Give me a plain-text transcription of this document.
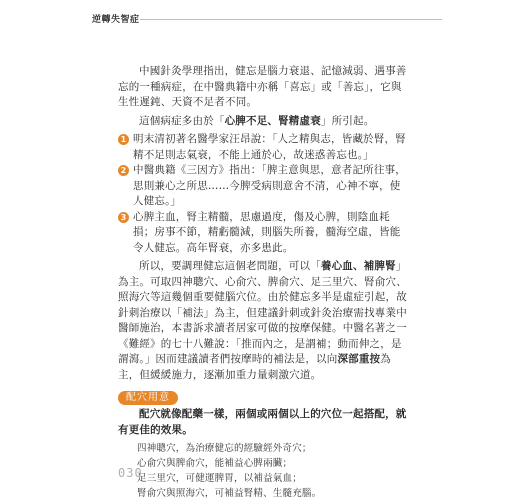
逆轉失智症

中國針灸學理指出，健忘是腦力衰退、記憶減弱、遇事善忘的一種病症，在中醫典籍中亦稱「喜忘」或「善忘」，它與生性遲鈍、天資不足者不同。

這個病症多由於「心脾不足、腎精虛衰」所引起。

1 明末清初著名醫學家汪昂說：「人之精與志，皆藏於腎，腎精不足則志氣衰，不能上通於心，故迷惑善忘也。」
2 中醫典籍《三因方》指出：「脾主意與思，意者記所往事，思則兼心之所思……今脾受病則意舍不清，心神不寧，使人健忘。」
3 心脾主血，腎主精髓，思慮過度，傷及心脾，則陰血耗損；房事不節，精虧髓減，則腦失所養，髓海空虛，皆能令人健忘。高年腎衰，亦多患此。

所以，要調理健忘這個老問題，可以「養心血、補脾腎」為主。可取四神聰穴、心俞穴、脾俞穴、足三里穴、腎俞穴、照海穴等這幾個重要健腦穴位。由於健忘多半是虛症引起，故針刺治療以「補法」為主，但建議針刺或針灸治療需找專業中醫師施治，本書訴求讀者居家可做的按摩保健。中醫名著之一《難經》的七十八難說：「推而內之，是謂補；動而伸之，是謂瀉。」因而建議讀者們按摩時的補法是，以向深部重按為主，但緩緩施力，逐漸加重力量刺激穴道。

配穴用意

配穴就像配藥一樣，兩個或兩個以上的穴位一起搭配，就有更佳的效果。

四神聰穴，為治療健忘的經驗經外奇穴；
心俞穴與脾俞穴，能補益心脾兩臟；
足三里穴，可健運脾胃，以補益氣血；
腎俞穴與照海穴，可補益腎精、生髓充腦。
030
